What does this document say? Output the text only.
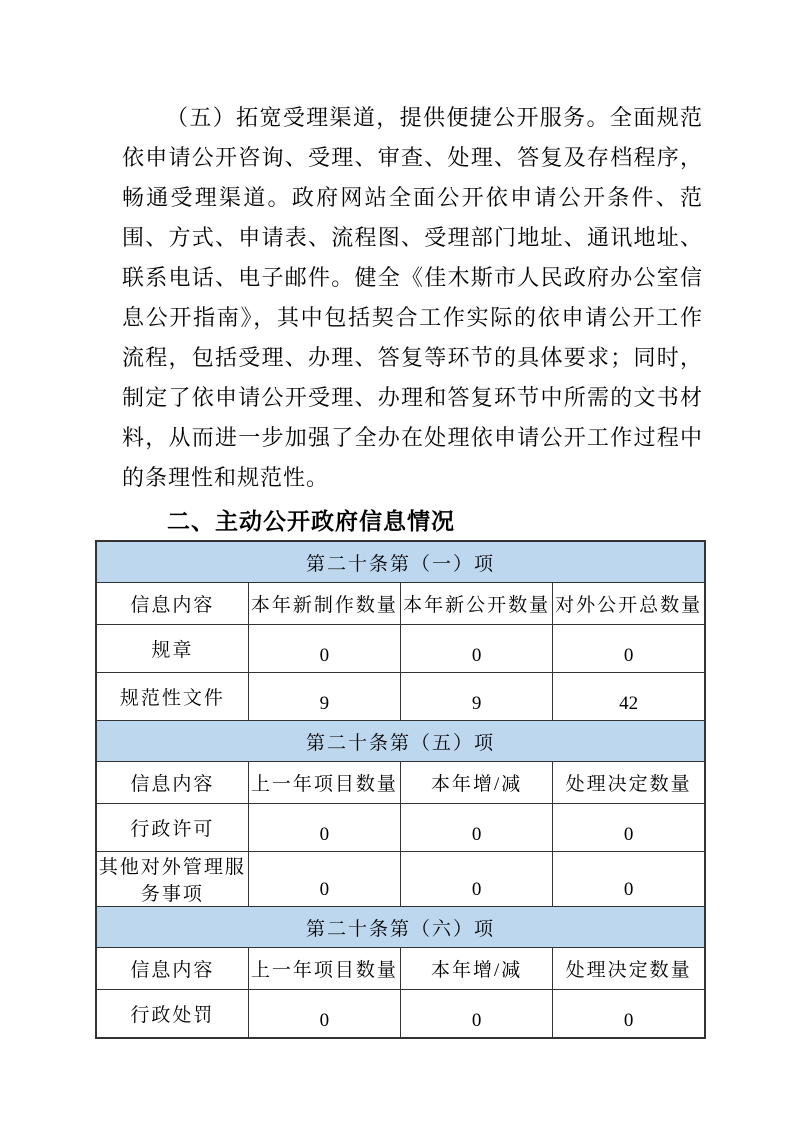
（五）拓宽受理渠道，提供便捷公开服务。全面规范依申请公开咨询、受理、审查、处理、答复及存档程序，畅通受理渠道。政府网站全面公开依申请公开条件、范围、方式、申请表、流程图、受理部门地址、通讯地址、联系电话、电子邮件。健全《佳木斯市人民政府办公室信息公开指南》，其中包括契合工作实际的依申请公开工作流程，包括受理、办理、答复等环节的具体要求；同时，制定了依申请公开受理、办理和答复环节中所需的文书材料，从而进一步加强了全办在处理依申请公开工作过程中的条理性和规范性。

二、主动公开政府信息情况
第二十条第（一）项			
信息内容	本年新制作数量	本年新公开数量	对外公开总数量
规章	0	0	0
规范性文件	9	9	42
第二十条第（五）项			
信息内容	上一年项目数量	本年增/减	处理决定数量
行政许可	0	0	0
其他对外管理服务事项	0	0	0
第二十条第（六）项			
信息内容	上一年项目数量	本年增/减	处理决定数量
行政处罚	0	0	0
